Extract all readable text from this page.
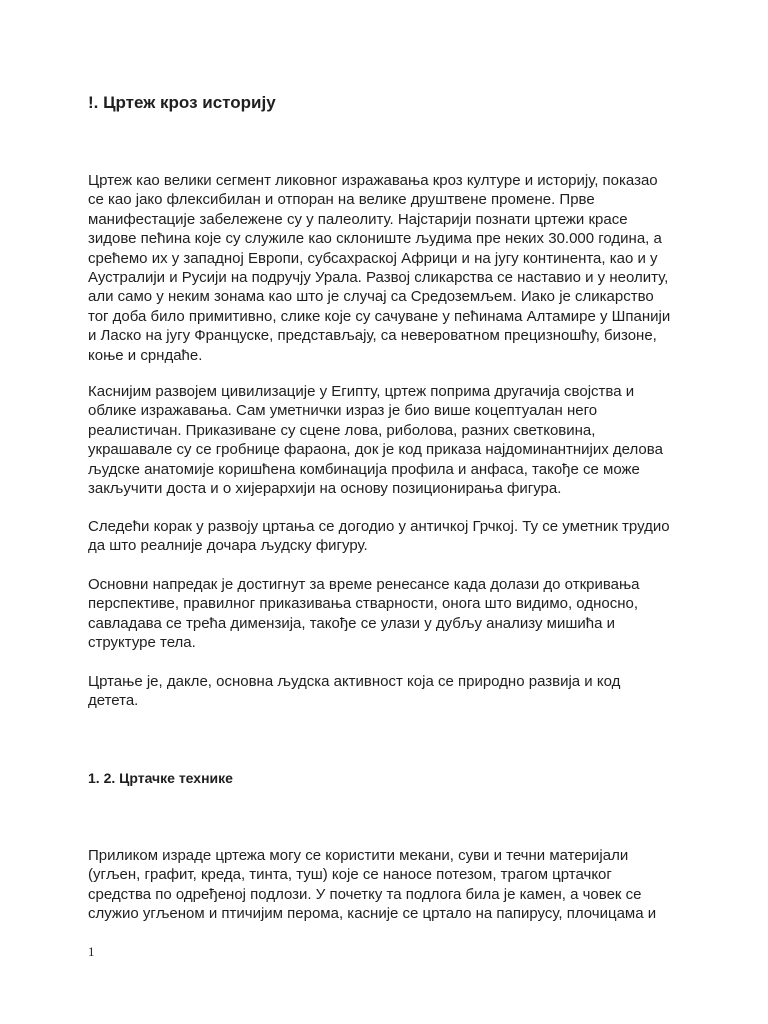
!. Цртеж кроз историју
Цртеж као велики сегмент ликовног изражавања кроз културе и историју, показао
се као јако флексибилан и отпоран на велике друштвене промене. Прве
манифестације забележене су у палеолиту. Најстарији познати цртежи красе
зидове пећина које су служиле као склониште људима пре неких 30.000 година, а
срећемо их у западној Европи, субсахраској Африци и на југу континента, као и у
Аустралији и Русији на подручју Урала. Развој сликарства се наставио и у неолиту,
али само у неким зонама као што је случај са Средоземљем. Иако је сликарство
тог доба било примитивно, слике које су сачуване у пећинама Алтамире у Шпанији
и Ласко на југу Француске, представљају, са невероватном прецизношћу, бизоне,
коње и срндаће.
Каснијим развојем цивилизације у Египту, цртеж поприма другачија својства и
облике изражавања. Сам уметнички израз је био више коцептуалан него
реалистичан. Приказиване су сцене лова, риболова, разних светковина,
украшавале су се гробнице фараона, док је код приказа најдоминантнијих делова
људске анатомије коришћена комбинација профила и анфаса, такође се може
закључити доста и о хијерархији на основу позиционирања фигура.
Следећи корак у развоју цртања се догодио у античкој Грчкој. Ту се уметник трудио
да што реалније дочара људску фигуру.
Основни напредак је достигнут за време ренесансе када долази до откривања
перспективе, правилног приказивања стварности, онога што видимо, односно,
савладава се трећа димензија, такође се улази у дубљу анализу мишића и
структуре тела.
Цртање је, дакле, основна људска активност која се природно развија и код
детета.
1. 2. Цртачке технике
Приликом израде цртежа могу се користити мекани, суви и течни материјали
(угљен, графит, креда, тинта, туш) које се наносе потезом, трагом цртачког
средства по одређеној подлози. У почетку та подлога била је камен, а човек се
служио угљеном и птичијим перома, касније се цртало на папирусу, плочицама и
1
